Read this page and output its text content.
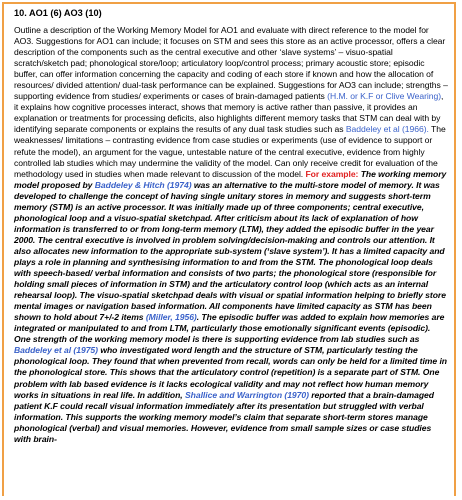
10. AO1 (6) AO3 (10)

Outline a description of the Working Memory Model for AO1 and evaluate with direct reference to the model for AO3. Suggestions for AO1 can include; it focuses on STM and sees this store as an active processor, offers a clear description of the components such as the central executive and other ‘slave systems’ – visuo-spatial scratch/sketch pad; phonological store/loop; articulatory loop/control process; primary acoustic store; episodic buffer, can offer information concerning the capacity and coding of each store if known and how the allocation of resources/ divided attention/ dual-task performance can be explained. Suggestions for AO3 can include; strengths – supporting evidence from studies/ experiments or cases of brain-damaged patients (H.M. or K.F or Clive Wearing), it explains how cognitive processes interact, shows that memory is active rather than passive, it provides an explanation or treatments for processing deficits, also highlights different memory tasks that STM can deal with by identifying separate components or explains the results of any dual task studies such as Baddeley et al (1966). The weaknesses/ limitations – contrasting evidence from case studies or experiments (use of evidence to support or refute the model), an argument for the vague, untestable nature of the central executive, evidence from highly controlled lab studies which may undermine the validity of the model. Can only receive credit for evaluation of the methodology used in studies when made relevant to discussion of the model. For example: The working memory model proposed by Baddeley & Hitch (1974) was an alternative to the multi-store model of memory. It was developed to challenge the concept of having single unitary stores in memory and suggests short-term memory (STM) is an active processor. It was initially made up of three components; central executive, phonological loop and a visuo-spatial sketchpad. After criticism about its lack of explanation of how information is transferred to or from long-term memory (LTM), they added the episodic buffer in the year 2000. The central executive is involved in problem solving/decision-making and controls our attention. It also allocates new information to the appropriate sub-system (‘slave system’). It has a limited capacity and plays a role in planning and synthesising information to and from the STM. The phonological loop deals with speech-based/ verbal information and consists of two parts; the phonological store (responsible for holding small pieces of information in STM) and the articulatory control loop (which acts as an internal rehearsal loop). The visuo-spatial sketchpad deals with visual or spatial information helping to briefly store mental images or navigation based information. All components have limited capacity as STM has been shown to hold about 7+/-2 items (Miller, 1956). The episodic buffer was added to explain how memories are integrated or manipulated to and from LTM, particularly those emotionally significant events (episodic). One strength of the working memory model is there is supporting evidence from lab studies such as Baddeley et al (1975) who investigated word length and the structure of STM, particularly testing the phonological loop. They found that when prevented from recall, words can only be held for a limited time in the phonological store. This shows that the articulatory control (repetition) is a separate part of STM. One problem with lab based evidence is it lacks ecological validity and may not reflect how human memory works in situations in real life. In addition, Shallice and Warrington (1970) reported that a brain-damaged patient K.F could recall visual information immediately after its presentation but struggled with verbal information. This supports the working memory model’s claim that separate short-term stores manage phonological (verbal) and visual memories. However, evidence from small sample sizes or case studies with brain-
